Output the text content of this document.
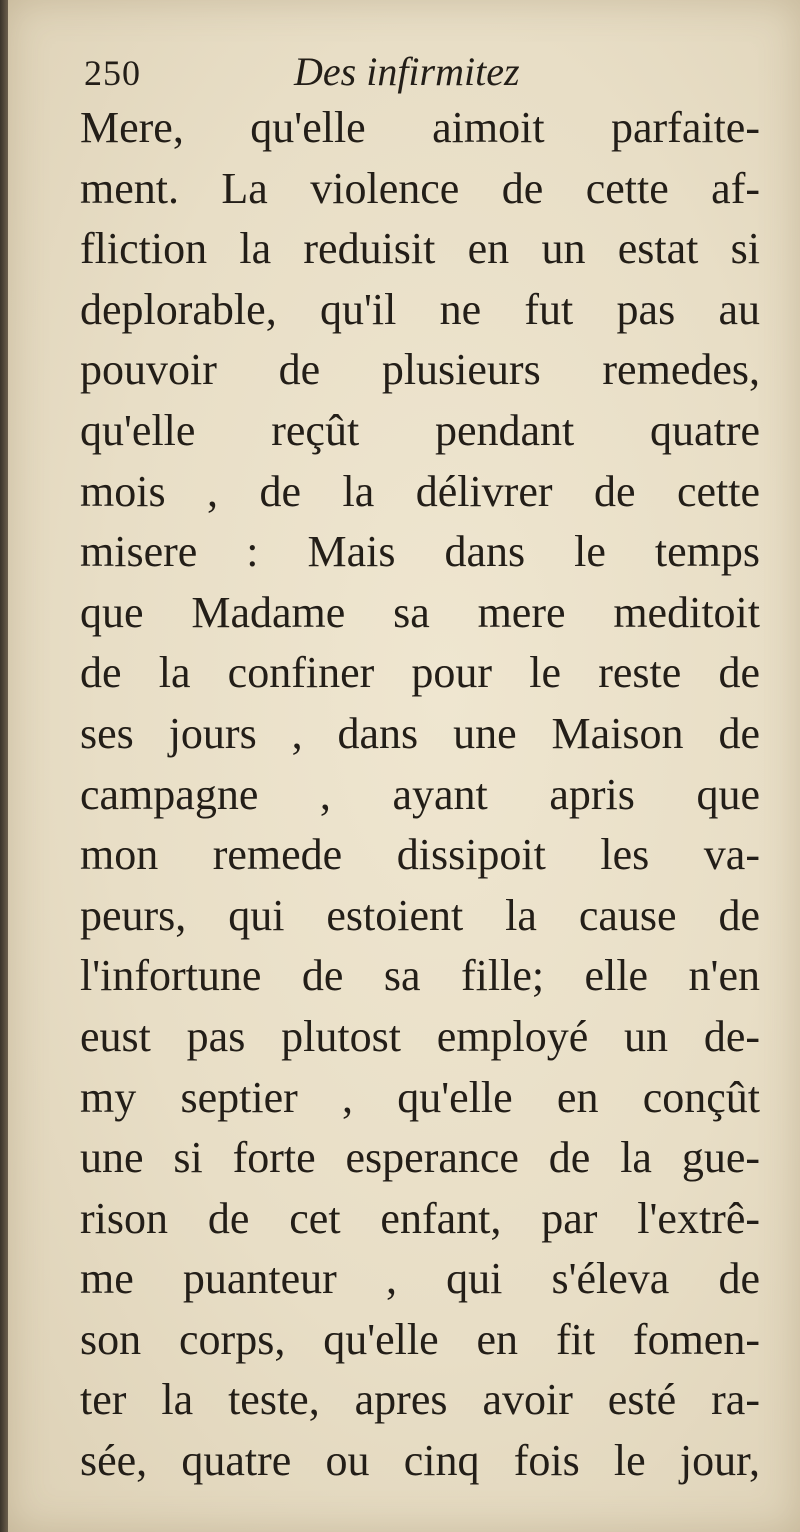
250	Des infirmitez
Mere, qu'elle aimoit parfaite-
ment. La violence de cette af-
fliction la reduisit en un estat si
deplorable, qu'il ne fut pas au
pouvoir de plusieurs remedes,
qu'elle reçût pendant quatre
mois , de la délivrer de cette
misere : Mais dans le temps
que Madame sa mere meditoit
de la confiner pour le reste de
ses jours , dans une Maison de
campagne , ayant apris que
mon remede dissipoit les va-
peurs, qui estoient la cause de
l'infortune de sa fille; elle n'en
eust pas plutost employé un de-
my septier , qu'elle en conçût
une si forte esperance de la gue-
rison de cet enfant, par l'extrê-
me puanteur , qui s'éleva de
son corps, qu'elle en fit fomen-
ter la teste, apres avoir esté ra-
sée, quatre ou cinq fois le jour,
